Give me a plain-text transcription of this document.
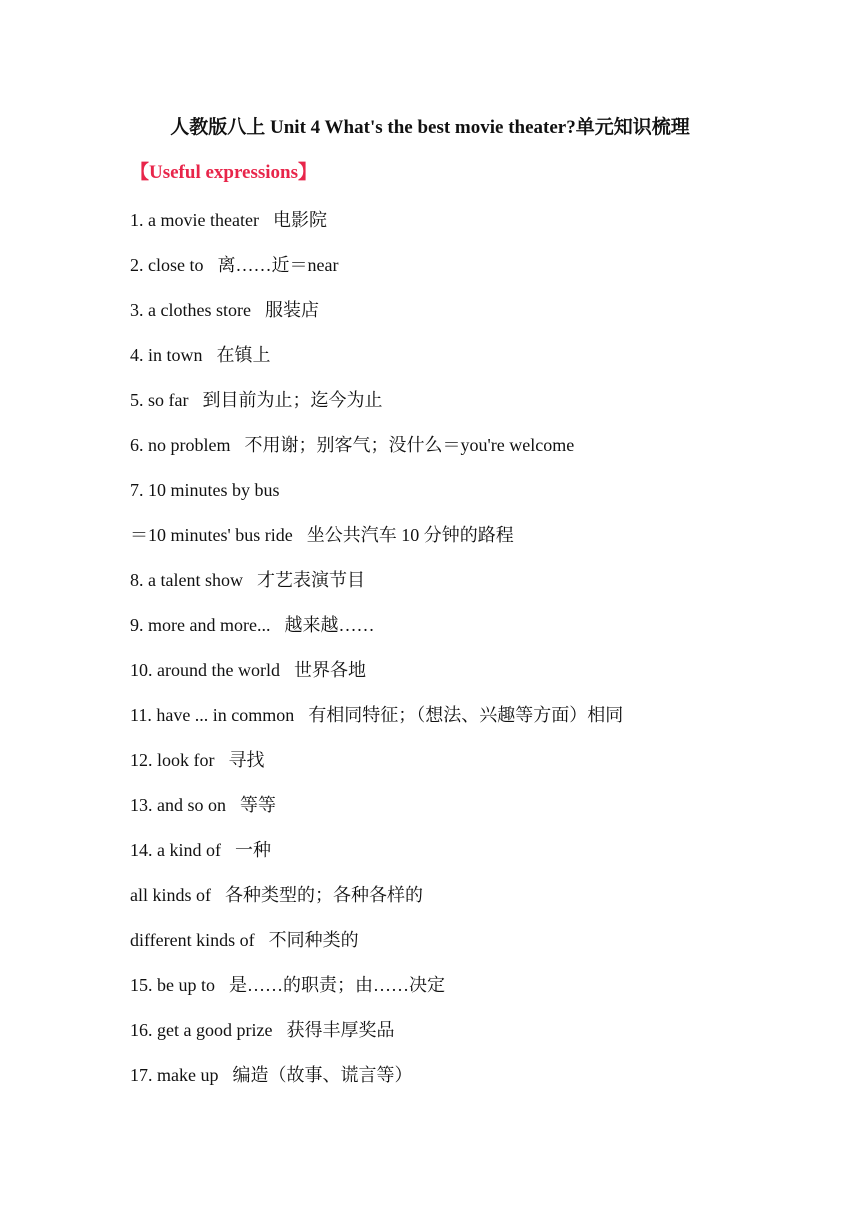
人教版八上 Unit 4 What's the best movie theater?单元知识梳理
【Useful expressions】
1. a movie theater 电影院
2. close to 离……近＝near
3. a clothes store 服装店
4. in town 在镇上
5. so far 到目前为止；迄今为止
6. no problem 不用谢；别客气；没什么＝you're welcome
7. 10 minutes by bus
＝10 minutes' bus ride 坐公共汽车 10 分钟的路程
8. a talent show 才艺表演节目
9. more and more... 越来越……
10. around the world 世界各地
11. have ... in common 有相同特征；（想法、兴趣等方面）相同
12. look for 寻找
13. and so on 等等
14. a kind of 一种
all kinds of 各种类型的；各种各样的
different kinds of 不同种类的
15. be up to 是……的职责；由……决定
16. get a good prize 获得丰厚奖品
17. make up 编造（故事、谎言等）
